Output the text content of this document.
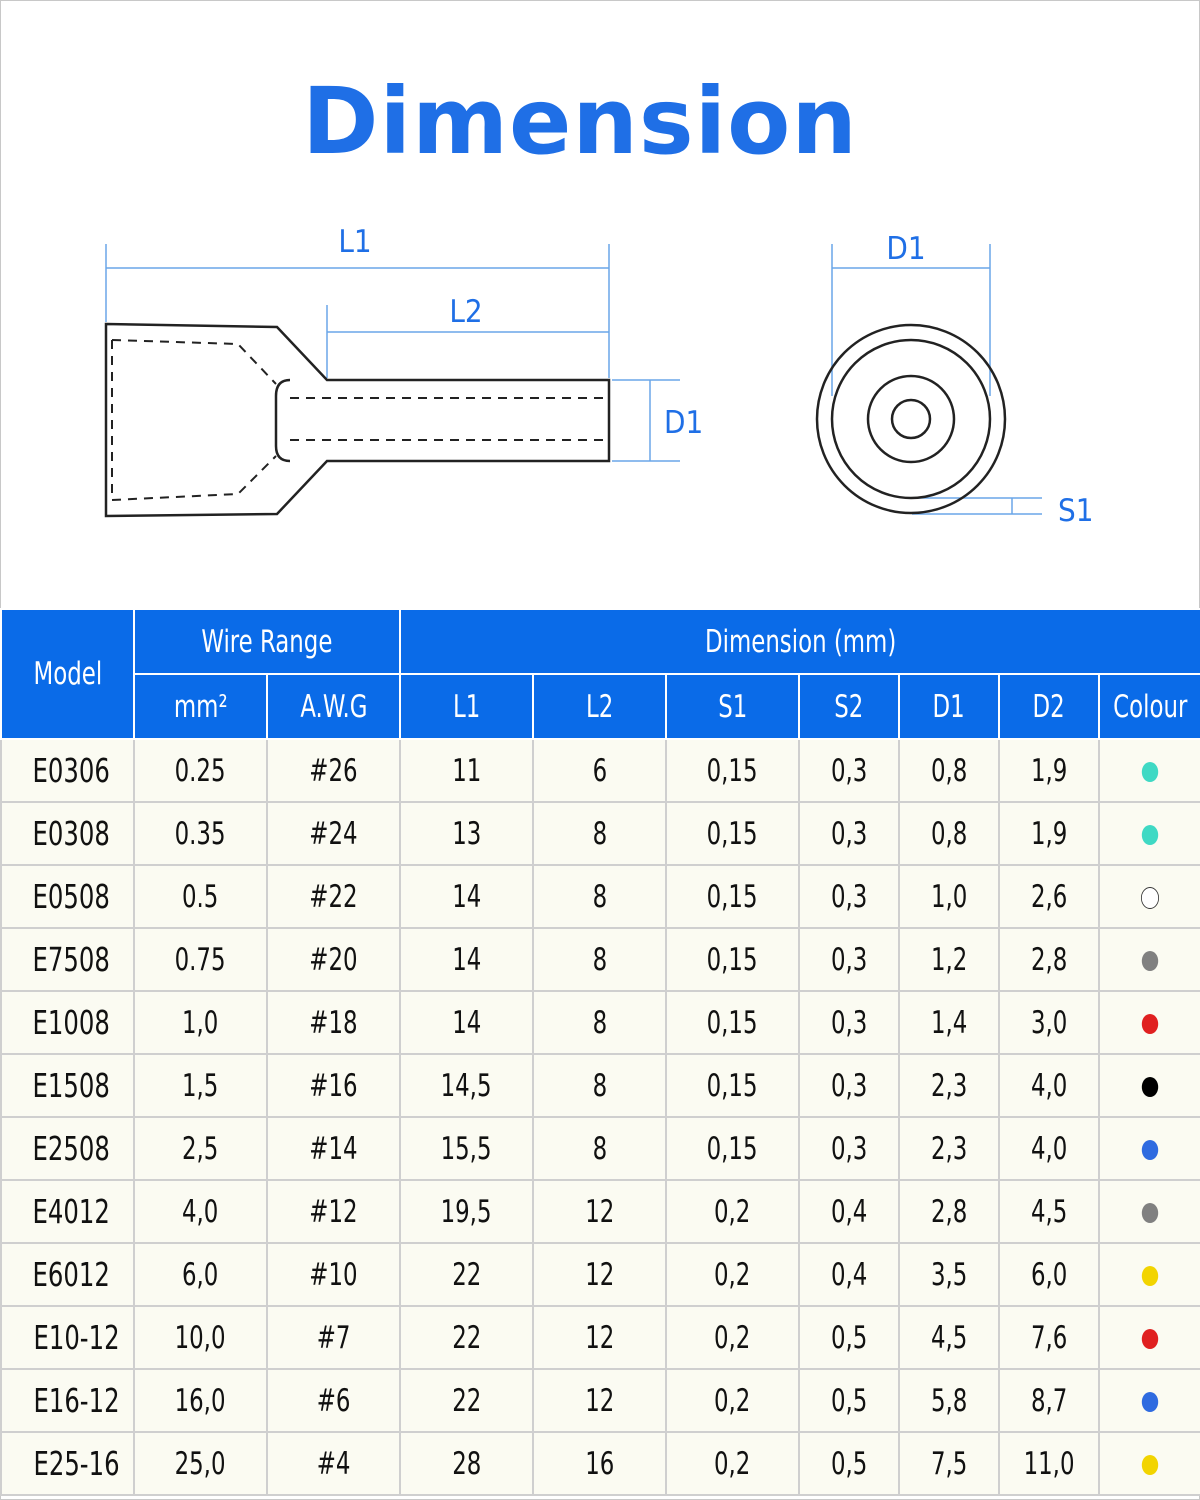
Dimension
L1
L2
D1
D1
S1
Model	Wire Range		Dimension (mm)						
	mm²	A.W.G	L1	L2	S1	S2	D1	D2	Colour
E0306	0.25	#26	11	6	0,15	0,3	0,8	1,9	
E0308	0.35	#24	13	8	0,15	0,3	0,8	1,9	
E0508	0.5	#22	14	8	0,15	0,3	1,0	2,6	
E7508	0.75	#20	14	8	0,15	0,3	1,2	2,8	
E1008	1,0	#18	14	8	0,15	0,3	1,4	3,0	
E1508	1,5	#16	14,5	8	0,15	0,3	2,3	4,0	
E2508	2,5	#14	15,5	8	0,15	0,3	2,3	4,0	
E4012	4,0	#12	19,5	12	0,2	0,4	2,8	4,5	
E6012	6,0	#10	22	12	0,2	0,4	3,5	6,0	
E10-12	10,0	#7	22	12	0,2	0,5	4,5	7,6	
E16-12	16,0	#6	22	12	0,2	0,5	5,8	8,7	
E25-16	25,0	#4	28	16	0,2	0,5	7,5	11,0	
